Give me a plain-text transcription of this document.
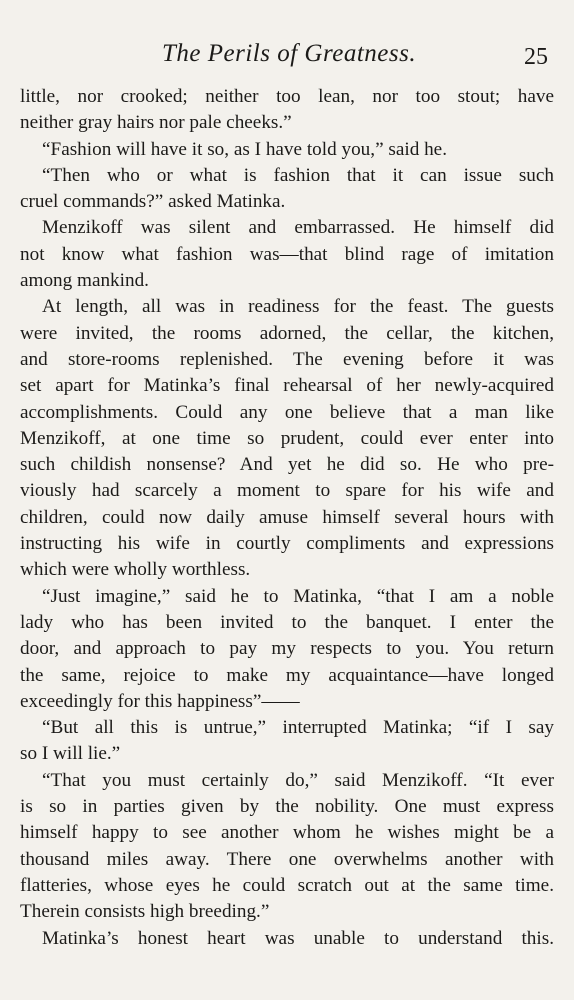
The Perils of Greatness.	25
little, nor crooked; neither too lean, nor too stout; have
neither gray hairs nor pale cheeks.”
“Fashion will have it so, as I have told you,” said he.
“Then who or what is fashion that it can issue such
cruel commands?” asked Matinka.
Menzikoff was silent and embarrassed. He himself did
not know what fashion was—that blind rage of imitation
among mankind.
At length, all was in readiness for the feast. The guests
were invited, the rooms adorned, the cellar, the kitchen,
and store-rooms replenished. The evening before it was
set apart for Matinka’s final rehearsal of her newly-acquired
accomplishments. Could any one believe that a man like
Menzikoff, at one time so prudent, could ever enter into
such childish nonsense? And yet he did so. He who pre-
viously had scarcely a moment to spare for his wife and
children, could now daily amuse himself several hours with
instructing his wife in courtly compliments and expressions
which were wholly worthless.
“Just imagine,” said he to Matinka, “that I am a noble
lady who has been invited to the banquet. I enter the
door, and approach to pay my respects to you. You return
the same, rejoice to make my acquaintance—have longed
exceedingly for this happiness”——
“But all this is untrue,” interrupted Matinka; “if I say
so I will lie.”
“That you must certainly do,” said Menzikoff. “It ever
is so in parties given by the nobility. One must express
himself happy to see another whom he wishes might be a
thousand miles away. There one overwhelms another with
flatteries, whose eyes he could scratch out at the same time.
Therein consists high breeding.”
Matinka’s honest heart was unable to understand this.
